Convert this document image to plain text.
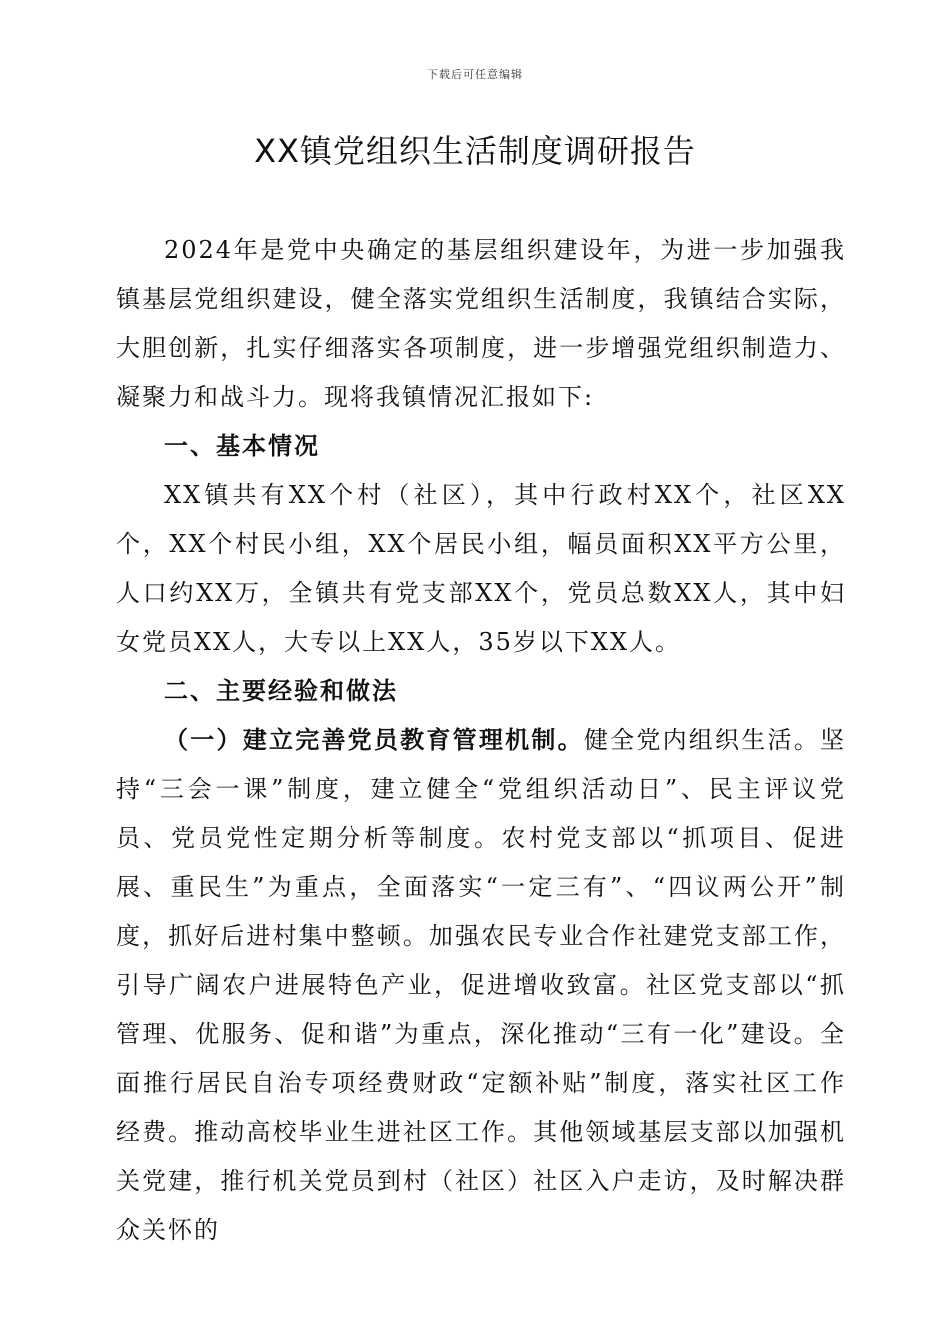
下载后可任意编辑
XX镇党组织生活制度调研报告

2024年是党中央确定的基层组织建设年，为进一步加强我镇基层党组织建设，健全落实党组织生活制度，我镇结合实际，大胆创新，扎实仔细落实各项制度，进一步增强党组织制造力、凝聚力和战斗力。现将我镇情况汇报如下:

一、基本情况

XX镇共有XX个村（社区），其中行政村XX个，社区XX个，XX个村民小组，XX个居民小组，幅员面积XX平方公里，人口约XX万，全镇共有党支部XX个，党员总数XX人，其中妇女党员XX人，大专以上XX人，35岁以下XX人。

二、主要经验和做法

（一）建立完善党员教育管理机制。健全党内组织生活。坚持“三会一课”制度，建立健全“党组织活动日”、民主评议党员、党员党性定期分析等制度。农村党支部以“抓项目、促进展、重民生”为重点，全面落实“一定三有”、“四议两公开”制度，抓好后进村集中整顿。加强农民专业合作社建党支部工作，引导广阔农户进展特色产业，促进增收致富。社区党支部以“抓管理、优服务、促和谐”为重点，深化推动“三有一化”建设。全面推行居民自治专项经费财政“定额补贴”制度，落实社区工作经费。推动高校毕业生进社区工作。其他领域基层支部以加强机关党建，推行机关党员到村（社区）社区入户走访，及时解决群众关怀的
